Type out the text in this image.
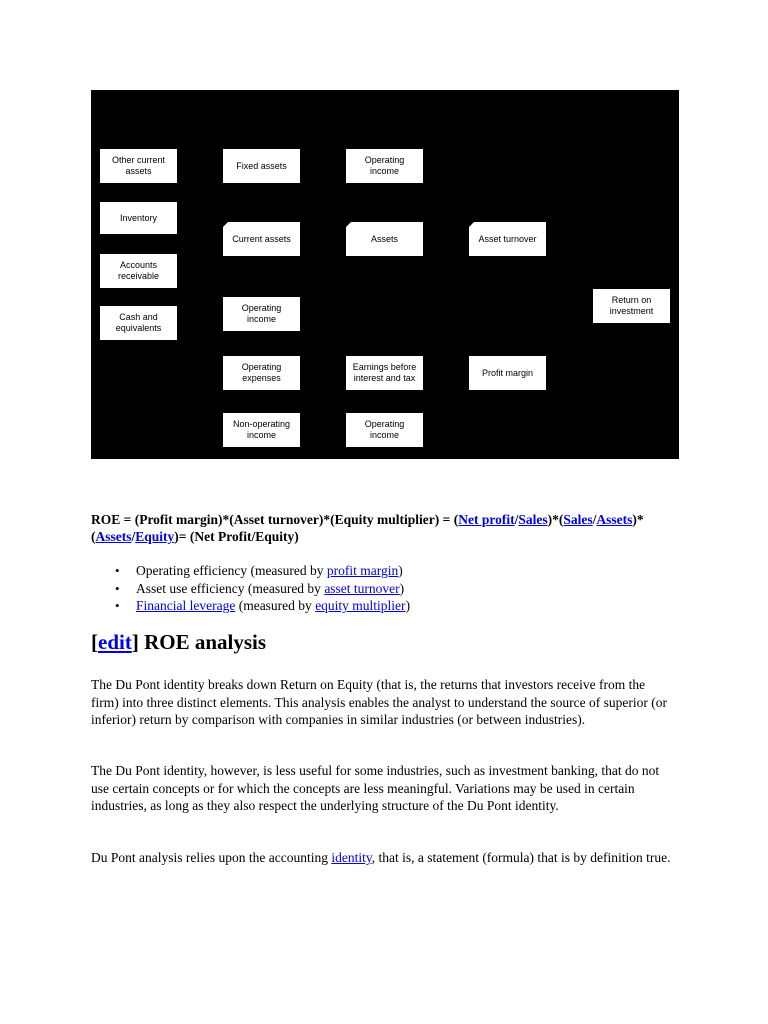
Other current assets
Inventory
Accounts receivable
Cash and equivalents
Fixed assets
Current assets
Operating income
Operating expenses
Non-operating income
Operating income
Assets
Earnings before interest and tax
Operating income
Asset turnover
Profit margin
Return on investment
ROE = (Profit margin)*(Asset turnover)*(Equity multiplier) = (Net profit/Sales)*(Sales/Assets)*(Assets/Equity)= (Net Profit/Equity)
• Operating efficiency (measured by profit margin)
• Asset use efficiency (measured by asset turnover)
• Financial leverage (measured by equity multiplier)
[edit] ROE analysis

The Du Pont identity breaks down Return on Equity (that is, the returns that investors receive from the firm) into three distinct elements. This analysis enables the analyst to understand the source of superior (or inferior) return by comparison with companies in similar industries (or between industries).

The Du Pont identity, however, is less useful for some industries, such as investment banking, that do not use certain concepts or for which the concepts are less meaningful. Variations may be used in certain industries, as long as they also respect the underlying structure of the Du Pont identity.

Du Pont analysis relies upon the accounting identity, that is, a statement (formula) that is by definition true.
